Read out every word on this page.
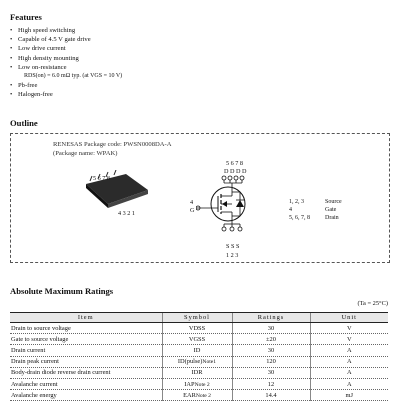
Features
• High speed switching
• Capable of 4.5 V gate drive
• Low drive current
• High density mounting
• Low on-resistance
RDS(on) = 6.0 mΩ typ. (at VGS = 10 V)
• Pb-free
• Halogen-free
Outline
RENESAS Package code: PWSN0008DA-A
(Package name: WPAK)
5 6 7 8
4 3 2 1
5 6 7 8
D D D D
4
G
S S S
1 2 3
1, 2, 3	Source
4	Gate
5, 6, 7, 8	Drain
Absolute Maximum Ratings
(Ta = 25°C)
Item	Symbol	Ratings	Unit
Drain to source voltage	VDSS	30	V
Gate to source voltage	VGSS	±20	V
Drain current	ID	30	A
Drain peak current	ID(pulse)Note1	120	A
Body-drain diode reverse drain current	IDR	30	A
Avalanche current	IAPNote 2	12	A
Avalanche energy	EARNote 2	14.4	mJ
